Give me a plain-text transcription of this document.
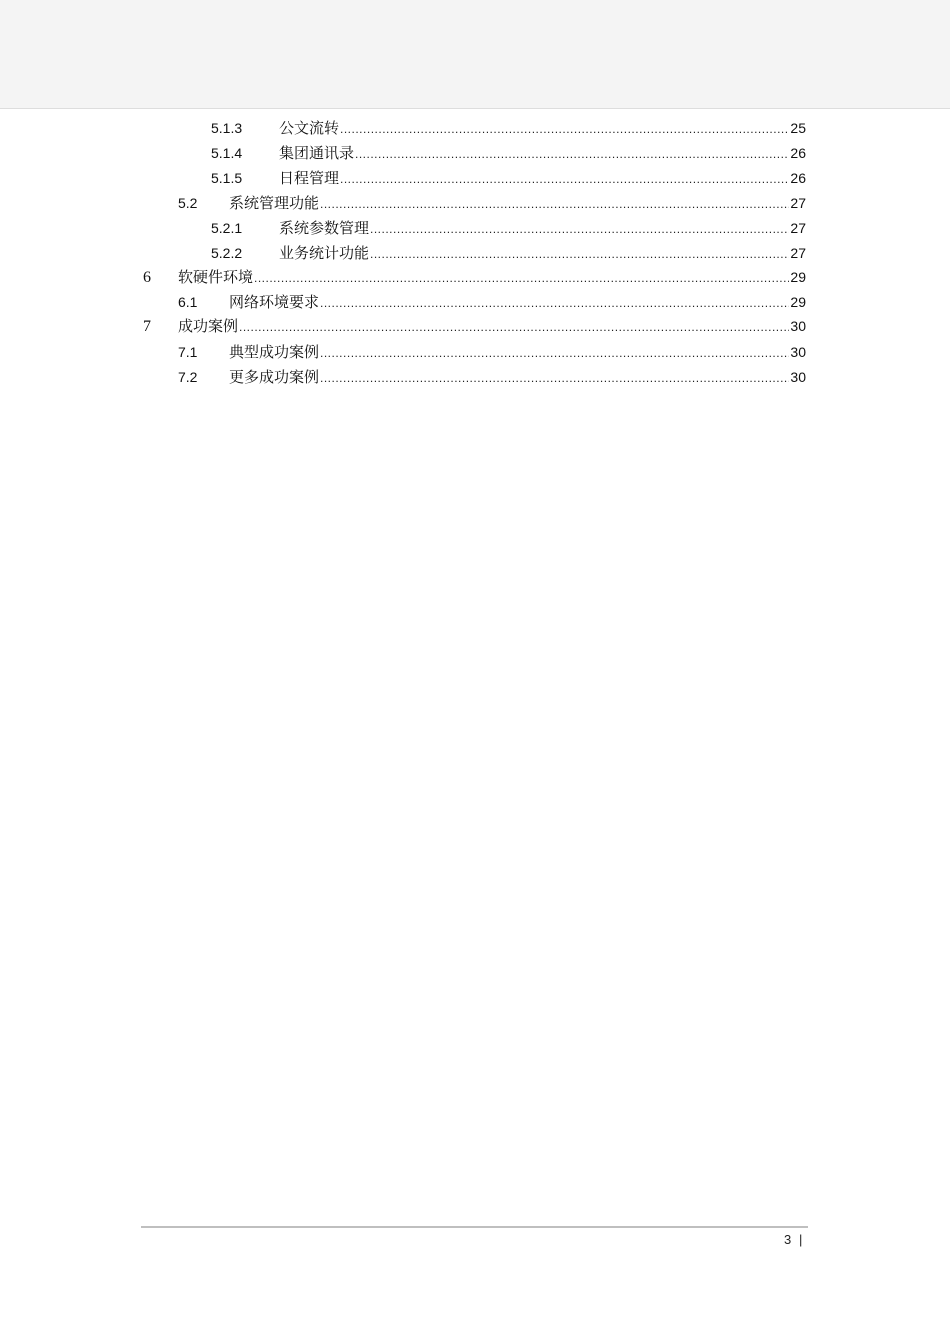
5.1.3	公文流转 .....	25
5.1.4	集团通讯录 .....	26
5.1.5	日程管理 .....	26
5.2	系统管理功能 .....	27
5.2.1	系统参数管理 .....	27
5.2.2	业务统计功能 .....	27
6	软硬件环境 .....	29
6.1	网络环境要求 .....	29
7	成功案例 .....	30
7.1	典型成功案例 .....	30
7.2	更多成功案例 .....	30
3 |
